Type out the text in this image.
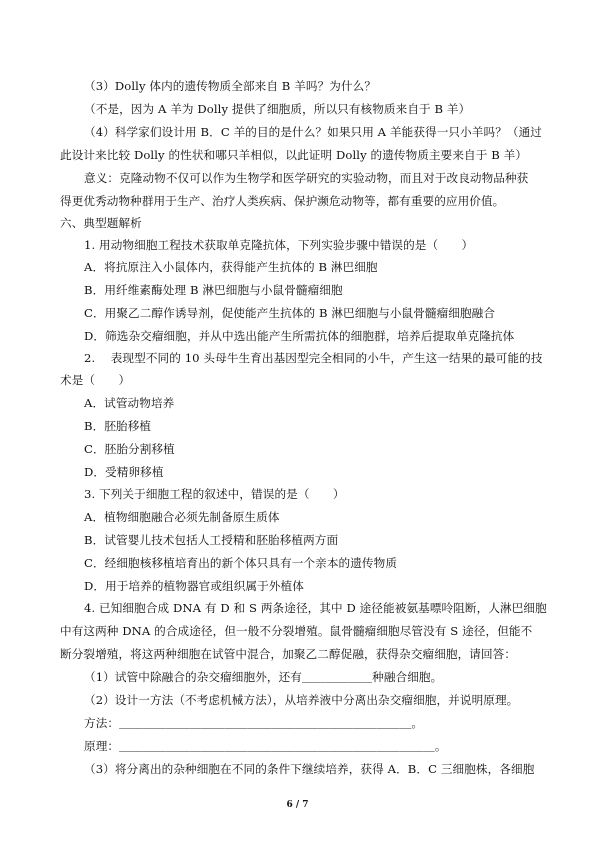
（3）Dolly 体内的遗传物质全部来自 B 羊吗？为什么？
（不是，因为 A 羊为 Dolly 提供了细胞质，所以只有核物质来自于 B 羊）
（4）科学家们设计用 B．C 羊的目的是什么？如果只用 A 羊能获得一只小羊吗？（通过
此设计来比较 Dolly 的性状和哪只羊相似，以此证明 Dolly 的遗传物质主要来自于 B 羊）
意义：克隆动物不仅可以作为生物学和医学研究的实验动物，而且对于改良动物品种获
得更优秀动物种群用于生产、治疗人类疾病、保护濒危动物等，都有重要的应用价值。
六、典型题解析
1. 用动物细胞工程技术获取单克隆抗体，下列实验步骤中错误的是（　　）
A．将抗原注入小鼠体内，获得能产生抗体的 B 淋巴细胞
B．用纤维素酶处理 B 淋巴细胞与小鼠骨髓瘤细胞
C．用聚乙二醇作诱导剂，促使能产生抗体的 B 淋巴细胞与小鼠骨髓瘤细胞融合
D．筛选杂交瘤细胞，并从中选出能产生所需抗体的细胞群，培养后提取单克隆抗体
2.　 表现型不同的 10 头母牛生育出基因型完全相同的小牛，产生这一结果的最可能的技
术是（　　）
A．试管动物培养
B．胚胎移植
C．胚胎分割移植
D．受精卵移植
3. 下列关于细胞工程的叙述中，错误的是（　　）
A．植物细胞融合必须先制备原生质体
B．试管婴儿技术包括人工授精和胚胎移植两方面
C．经细胞核移植培育出的新个体只具有一个亲本的遗传物质
D．用于培养的植物器官或组织属于外植体
4. 已知细胞合成 DNA 有 D 和 S 两条途径，其中 D 途径能被氨基嘌呤阻断，人淋巴细胞
中有这两种 DNA 的合成途径，但一般不分裂增殖。鼠骨髓瘤细胞尽管没有 S 途径，但能不
断分裂增殖，将这两种细胞在试管中混合，加聚乙二醇促融，获得杂交瘤细胞，请回答：
（1）试管中除融合的杂交瘤细胞外，还有＿＿＿＿＿＿种融合细胞。
（2）设计一方法（不考虑机械方法），从培养液中分离出杂交瘤细胞，并说明原理。
方法：＿＿＿＿＿＿＿＿＿＿＿＿＿＿＿＿＿＿＿＿＿＿＿＿＿。
原理：＿＿＿＿＿＿＿＿＿＿＿＿＿＿＿＿＿＿＿＿＿＿＿＿＿＿＿。
（3）将分离出的杂种细胞在不同的条件下继续培养，获得 A．B．C 三细胞株，各细胞
6 / 7
